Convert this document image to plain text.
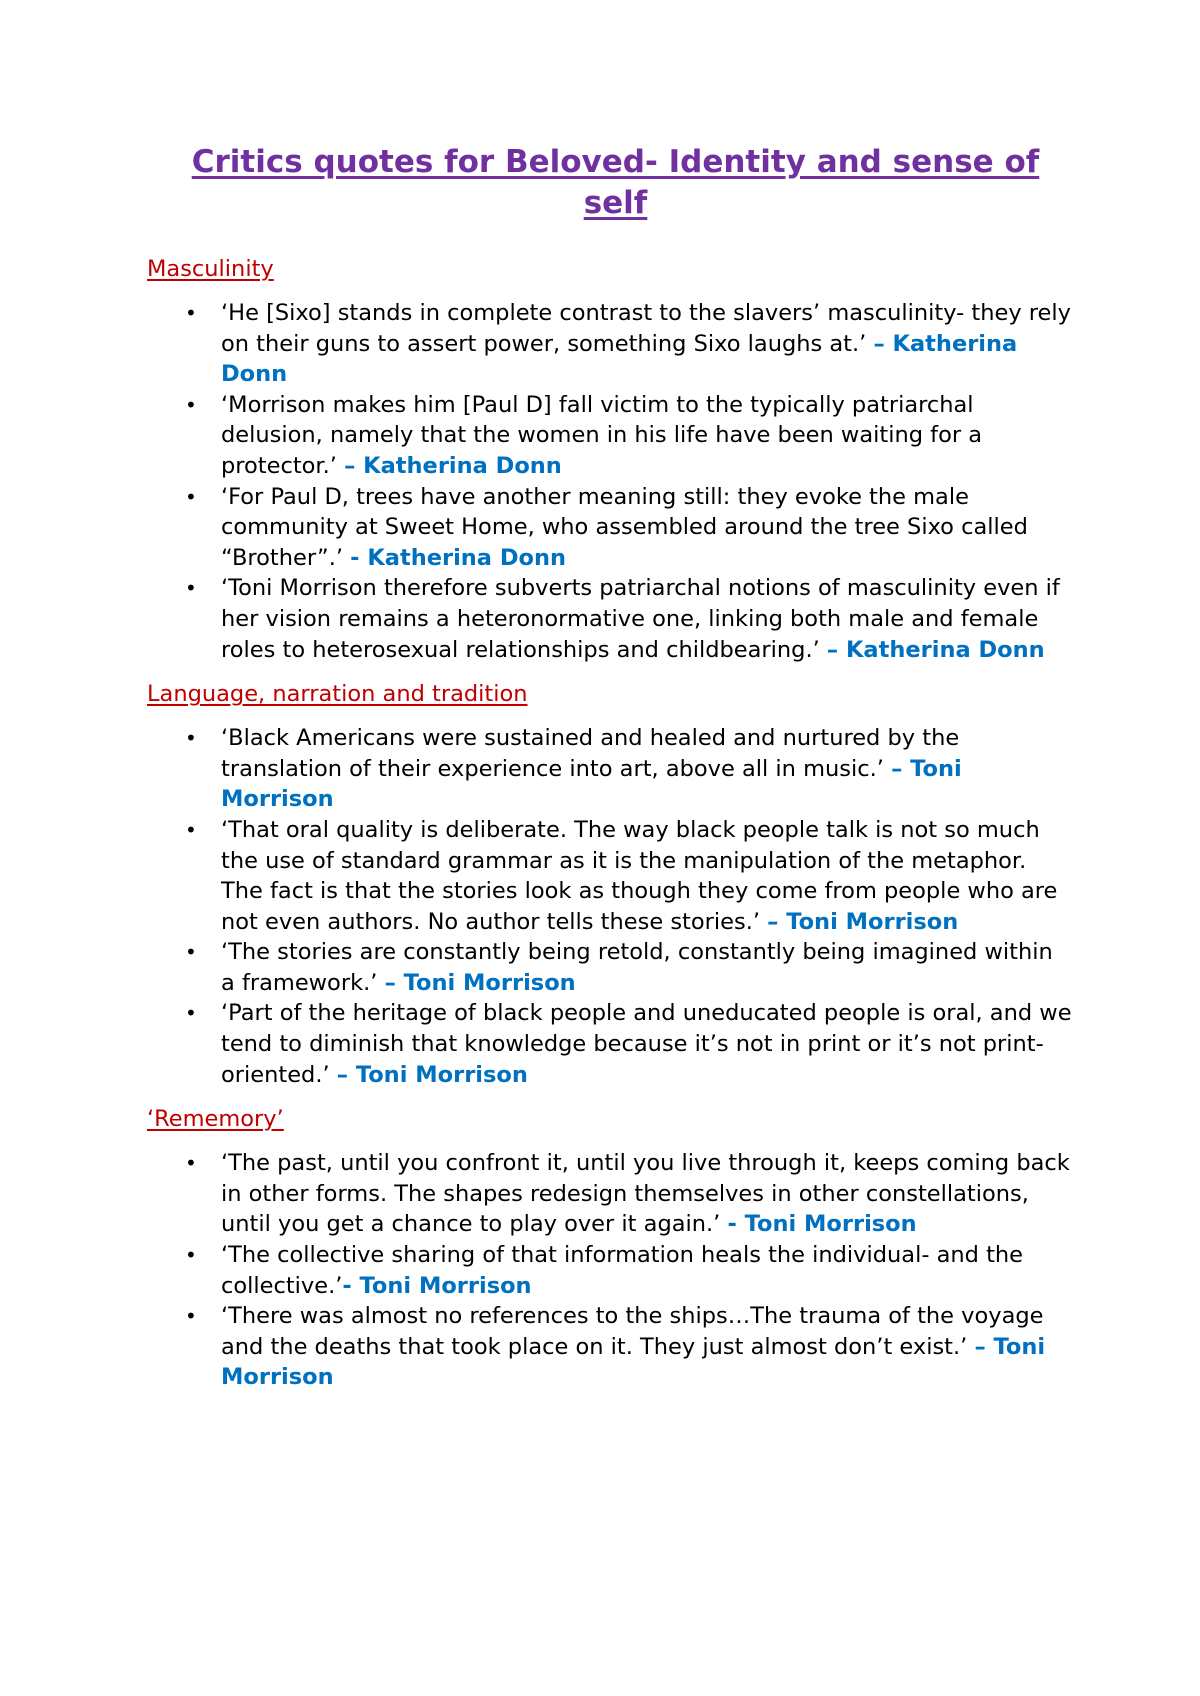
Critics quotes for Beloved- Identity and sense of self
Masculinity
• ‘He [Sixo] stands in complete contrast to the slavers’ masculinity- they rely on their guns to assert power, something Sixo laughs at.’ – Katherina Donn
• ‘Morrison makes him [Paul D] fall victim to the typically patriarchal delusion, namely that the women in his life have been waiting for a protector.’ – Katherina Donn
• ‘For Paul D, trees have another meaning still: they evoke the male community at Sweet Home, who assembled around the tree Sixo called “Brother”.’ - Katherina Donn
• ‘Toni Morrison therefore subverts patriarchal notions of masculinity even if her vision remains a heteronormative one, linking both male and female roles to heterosexual relationships and childbearing.’ – Katherina Donn
Language, narration and tradition
• ‘Black Americans were sustained and healed and nurtured by the translation of their experience into art, above all in music.’ – Toni Morrison
• ‘That oral quality is deliberate. The way black people talk is not so much the use of standard grammar as it is the manipulation of the metaphor. The fact is that the stories look as though they come from people who are not even authors. No author tells these stories.’ – Toni Morrison
• ‘The stories are constantly being retold, constantly being imagined within a framework.’ – Toni Morrison
• ‘Part of the heritage of black people and uneducated people is oral, and we tend to diminish that knowledge because it’s not in print or it’s not print-oriented.’ – Toni Morrison
‘Rememory’
• ‘The past, until you confront it, until you live through it, keeps coming back in other forms. The shapes redesign themselves in other constellations, until you get a chance to play over it again.’ - Toni Morrison
• ‘The collective sharing of that information heals the individual- and the collective.’- Toni Morrison
• ‘There was almost no references to the ships…The trauma of the voyage and the deaths that took place on it. They just almost don’t exist.’ – Toni Morrison
